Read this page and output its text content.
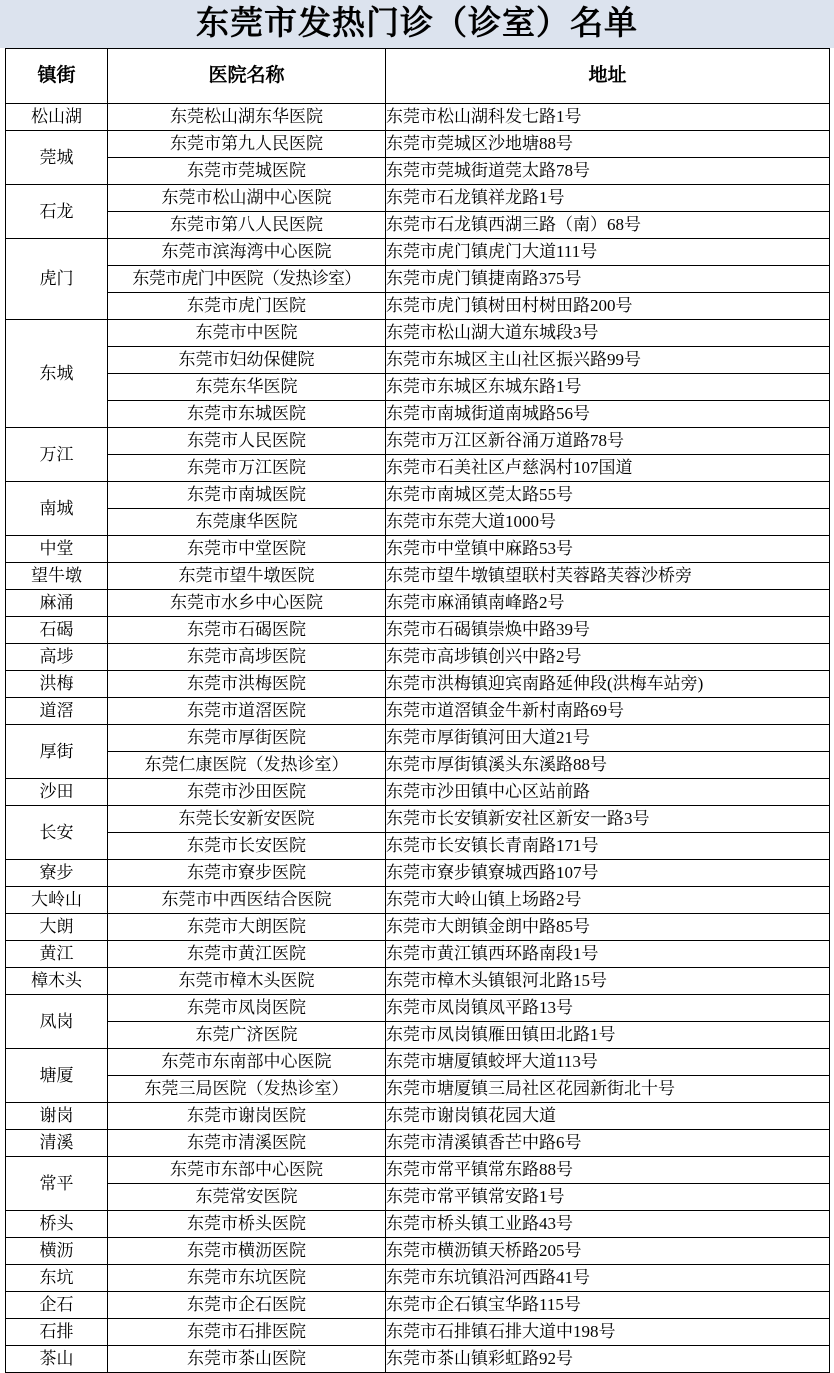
东莞市发热门诊（诊室）名单
镇街	医院名称	地址
松山湖	东莞松山湖东华医院	东莞市松山湖科发七路1号
莞城	东莞市第九人民医院	东莞市莞城区沙地塘88号
	东莞市莞城医院	东莞市莞城街道莞太路78号
石龙	东莞市松山湖中心医院	东莞市石龙镇祥龙路1号
	东莞市第八人民医院	东莞市石龙镇西湖三路（南）68号
虎门	东莞市滨海湾中心医院	东莞市虎门镇虎门大道111号
	东莞市虎门中医院（发热诊室）	东莞市虎门镇捷南路375号
	东莞市虎门医院	东莞市虎门镇树田村树田路200号
东城	东莞市中医院	东莞市松山湖大道东城段3号
	东莞市妇幼保健院	东莞市东城区主山社区振兴路99号
	东莞东华医院	东莞市东城区东城东路1号
	东莞市东城医院	东莞市南城街道南城路56号
万江	东莞市人民医院	东莞市万江区新谷涌万道路78号
	东莞市万江医院	东莞市石美社区卢慈涡村107国道
南城	东莞市南城医院	东莞市南城区莞太路55号
	东莞康华医院	东莞市东莞大道1000号
中堂	东莞市中堂医院	东莞市中堂镇中麻路53号
望牛墩	东莞市望牛墩医院	东莞市望牛墩镇望联村芙蓉路芙蓉沙桥旁
麻涌	东莞市水乡中心医院	东莞市麻涌镇南峰路2号
石碣	东莞市石碣医院	东莞市石碣镇崇焕中路39号
高埗	东莞市高埗医院	东莞市高埗镇创兴中路2号
洪梅	东莞市洪梅医院	东莞市洪梅镇迎宾南路延伸段(洪梅车站旁)
道滘	东莞市道滘医院	东莞市道滘镇金牛新村南路69号
厚街	东莞市厚街医院	东莞市厚街镇河田大道21号
	东莞仁康医院（发热诊室）	东莞市厚街镇溪头东溪路88号
沙田	东莞市沙田医院	东莞市沙田镇中心区站前路
长安	东莞长安新安医院	东莞市长安镇新安社区新安一路3号
	东莞市长安医院	东莞市长安镇长青南路171号
寮步	东莞市寮步医院	东莞市寮步镇寮城西路107号
大岭山	东莞市中西医结合医院	东莞市大岭山镇上场路2号
大朗	东莞市大朗医院	东莞市大朗镇金朗中路85号
黄江	东莞市黄江医院	东莞市黄江镇西环路南段1号
樟木头	东莞市樟木头医院	东莞市樟木头镇银河北路15号
凤岗	东莞市凤岗医院	东莞市凤岗镇凤平路13号
	东莞广济医院	东莞市凤岗镇雁田镇田北路1号
塘厦	东莞市东南部中心医院	东莞市塘厦镇蛟坪大道113号
	东莞三局医院（发热诊室）	东莞市塘厦镇三局社区花园新街北十号
谢岗	东莞市谢岗医院	东莞市谢岗镇花园大道
清溪	东莞市清溪医院	东莞市清溪镇香芒中路6号
常平	东莞市东部中心医院	东莞市常平镇常东路88号
	东莞常安医院	东莞市常平镇常安路1号
桥头	东莞市桥头医院	东莞市桥头镇工业路43号
横沥	东莞市横沥医院	东莞市横沥镇天桥路205号
东坑	东莞市东坑医院	东莞市东坑镇沿河西路41号
企石	东莞市企石医院	东莞市企石镇宝华路115号
石排	东莞市石排医院	东莞市石排镇石排大道中198号
茶山	东莞市茶山医院	东莞市茶山镇彩虹路92号
